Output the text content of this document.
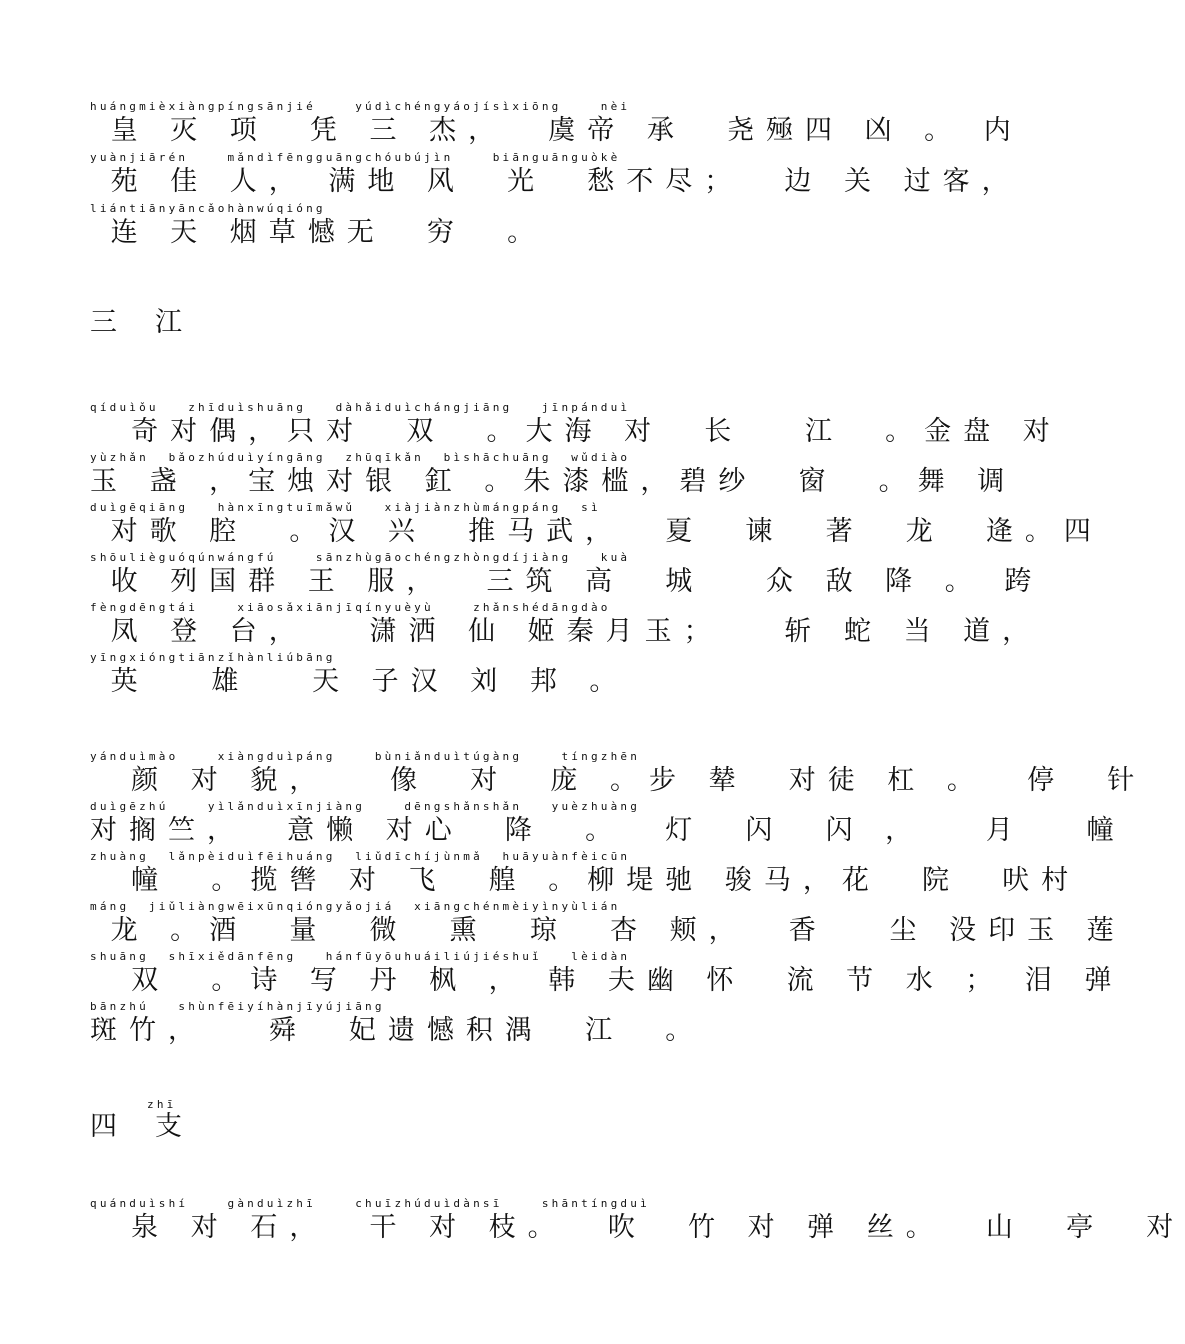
huángmièxiàngpíngsānjié    yúdìchéngyáojísìxiōng    nèi
皇 灭 项  凭 三 杰，  虞帝 承  尧殛四 凶 。 内
yuànjiārén    mǎndìfēngguāngchóubújìn    biānguānguòkè
苑 佳 人， 满地 风  光  愁不尽；  边 关 过客，
liántiānyāncǎohànwúqióng
连 天 烟草憾无  穷  。
三江
qíduìǒu   zhīduìshuāng   dàhǎiduìchángjiāng   jīnpánduì
奇对偶，只对  双  。大海 对  长   江  。金盘 对
yùzhǎn  bǎozhúduìyíngāng  zhūqīkǎn  bìshāchuāng  wǔdiào
玉 盏 ，宝烛对银 釭 。朱漆槛，碧纱  窗  。舞 调
duìgēqiāng   hànxīngtuīmǎwǔ   xiàjiànzhùmángpáng  sì
对歌 腔  。汉 兴  推马武，  夏  谏  著  龙  逄。四
shōulièguóqúnwángfú    sānzhùgāochéngzhòngdíjiàng   kuà
收 列国群 王 服，  三筑 高  城   众 敌 降 。 跨
fèngdēngtái    xiāosǎxiānjīqínyuèyù    zhǎnshédāngdào
凤 登 台，   潇洒 仙 姬秦月玉；   斩 蛇 当 道，
yīngxióngtiānzǐhànliúbāng
英   雄   天 子汉 刘 邦 。
yánduìmào    xiàngduìpáng    bùniǎnduìtúgàng    tíngzhēn
颜 对 貌，   像  对  庞 。步 辇  对徒 杠 。  停  针
duìgēzhú    yìlǎnduìxīnjiàng    dēngshǎnshǎn   yuèzhuàng
对搁竺，  意懒 对心  降  。  灯  闪  闪 ，   月   幢
zhuàng  lǎnpèiduìfēihuáng  liǔdīchíjùnmǎ  huāyuànfèicūn
幢  。揽辔 对 飞  艎 。柳堤驰 骏马，花  院  吠村
máng  jiǔliàngwēixūnqióngyǎojiá  xiāngchénmèiyìnyùlián
龙 。酒  量  微  熏  琼  杏 颊，  香   尘 没印玉 莲
shuāng  shīxiědānfēng   hánfūyōuhuáiliújiéshuǐ   lèidàn
双  。诗 写 丹 枫 ， 韩 夫幽 怀  流 节 水 ； 泪 弹
bānzhú   shùnfēiyíhànjīyújiāng
斑竹，   舜  妃遗憾积湡  江  。
zhī
四支
quánduìshí    gànduìzhī    chuīzhúduìdànsī    shāntíngduì
泉 对 石，  干 对 枝。  吹  竹 对 弹 丝。  山  亭  对
